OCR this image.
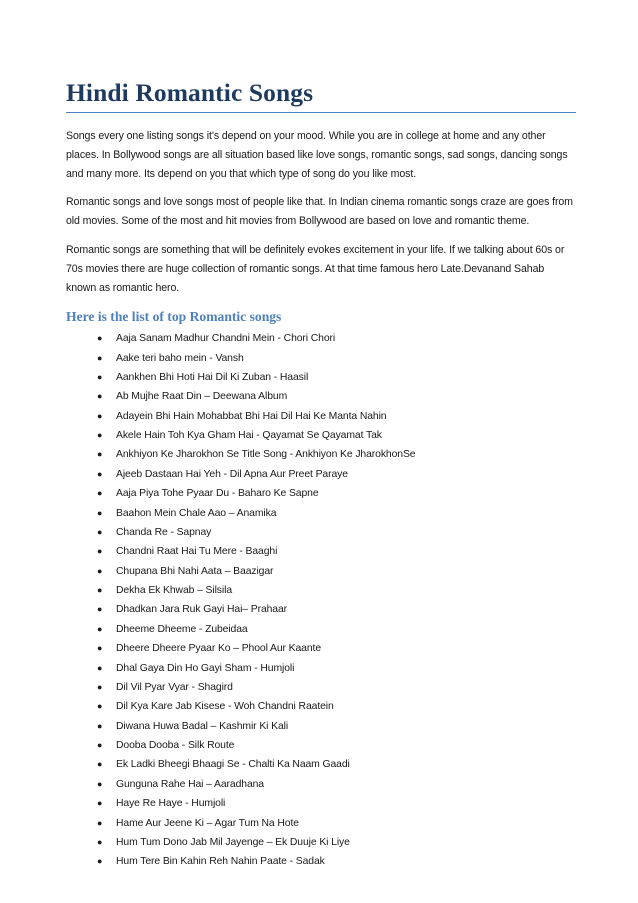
Hindi Romantic Songs

Songs every one listing songs it’s depend on your mood. While you are in college at home and any other places. In Bollywood songs are all situation based like love songs, romantic songs, sad songs, dancing songs and many more. Its depend on you that which type of song do you like most.

Romantic songs and love songs most of people like that. In Indian cinema romantic songs craze are goes from old movies. Some of the most and hit movies from Bollywood are based on love and romantic theme.

Romantic songs are something that will be definitely evokes excitement in your life. If we talking about 60s or 70s movies there are huge collection of romantic songs. At that time famous hero Late.Devanand Sahab known as romantic hero.

Here is the list of top Romantic songs
● Aaja Sanam Madhur Chandni Mein - Chori Chori
● Aake teri baho mein - Vansh
● Aankhen Bhi Hoti Hai Dil Ki Zuban - Haasil
● Ab Mujhe Raat Din – Deewana Album
● Adayein Bhi Hain Mohabbat Bhi Hai Dil Hai Ke Manta Nahin
● Akele Hain Toh Kya Gham Hai - Qayamat Se Qayamat Tak
● Ankhiyon Ke Jharokhon Se Title Song - Ankhiyon Ke JharokhonSe
● Ajeeb Dastaan Hai Yeh - Dil Apna Aur Preet Paraye
● Aaja Piya Tohe Pyaar Du - Baharo Ke Sapne
● Baahon Mein Chale Aao – Anamika
● Chanda Re - Sapnay
● Chandni Raat Hai Tu Mere - Baaghi
● Chupana Bhi Nahi Aata – Baazigar
● Dekha Ek Khwab – Silsila
● Dhadkan Jara Ruk Gayi Hai– Prahaar
● Dheeme Dheeme - Zubeidaa
● Dheere Dheere Pyaar Ko – Phool Aur Kaante
● Dhal Gaya Din Ho Gayi Sham - Humjoli
● Dil Vil Pyar Vyar - Shagird
● Dil Kya Kare Jab Kisese - Woh Chandni Raatein
● Diwana Huwa Badal – Kashmir Ki Kali
● Dooba Dooba - Silk Route
● Ek Ladki Bheegi Bhaagi Se - Chalti Ka Naam Gaadi
● Gunguna Rahe Hai – Aaradhana
● Haye Re Haye - Humjoli
● Hame Aur Jeene Ki – Agar Tum Na Hote
● Hum Tum Dono Jab Mil Jayenge – Ek Duuje Ki Liye
● Hum Tere Bin Kahin Reh Nahin Paate - Sadak
